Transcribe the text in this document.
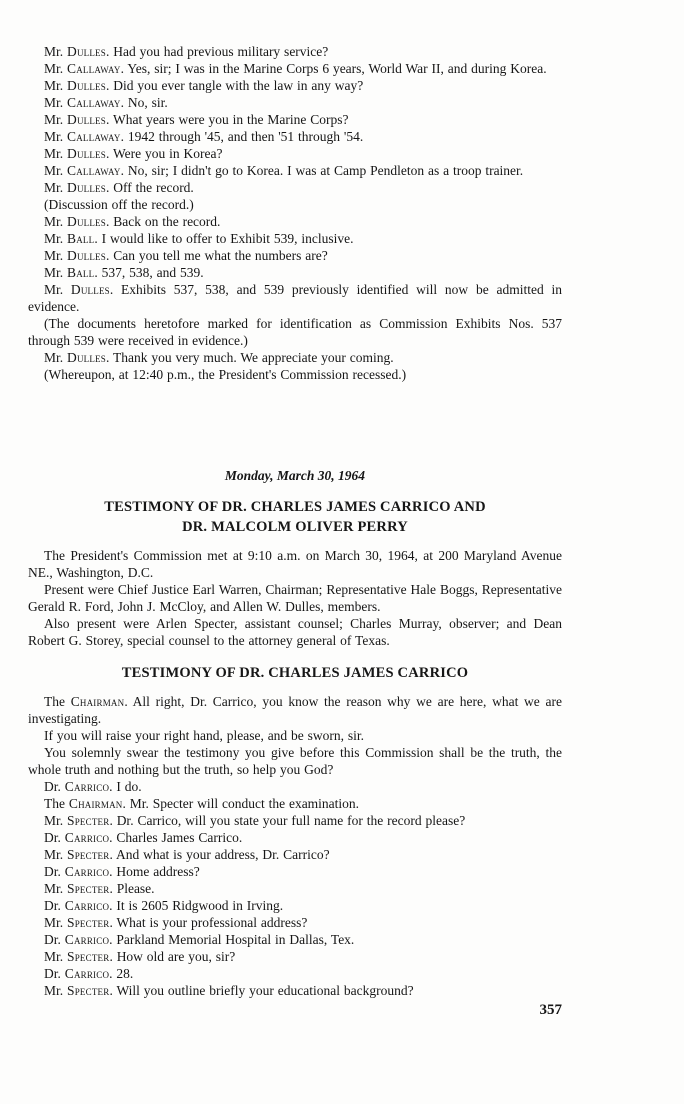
Mr. Dulles. Had you had previous military service?

Mr. Callaway. Yes, sir; I was in the Marine Corps 6 years, World War II, and during Korea.

Mr. Dulles. Did you ever tangle with the law in any way?

Mr. Callaway. No, sir.

Mr. Dulles. What years were you in the Marine Corps?

Mr. Callaway. 1942 through '45, and then '51 through '54.

Mr. Dulles. Were you in Korea?

Mr. Callaway. No, sir; I didn't go to Korea. I was at Camp Pendleton as a troop trainer.

Mr. Dulles. Off the record.

(Discussion off the record.)

Mr. Dulles. Back on the record.

Mr. Ball. I would like to offer to Exhibit 539, inclusive.

Mr. Dulles. Can you tell me what the numbers are?

Mr. Ball. 537, 538, and 539.

Mr. Dulles. Exhibits 537, 538, and 539 previously identified will now be admitted in evidence.

(The documents heretofore marked for identification as Commission Exhibits Nos. 537 through 539 were received in evidence.)

Mr. Dulles. Thank you very much. We appreciate your coming.

(Whereupon, at 12:40 p.m., the President's Commission recessed.)

Monday, March 30, 1964

TESTIMONY OF DR. CHARLES JAMES CARRICO AND
DR. MALCOLM OLIVER PERRY

The President's Commission met at 9:10 a.m. on March 30, 1964, at 200 Maryland Avenue NE., Washington, D.C.

Present were Chief Justice Earl Warren, Chairman; Representative Hale Boggs, Representative Gerald R. Ford, John J. McCloy, and Allen W. Dulles, members.

Also present were Arlen Specter, assistant counsel; Charles Murray, observer; and Dean Robert G. Storey, special counsel to the attorney general of Texas.

TESTIMONY OF DR. CHARLES JAMES CARRICO

The Chairman. All right, Dr. Carrico, you know the reason why we are here, what we are investigating.

If you will raise your right hand, please, and be sworn, sir.

You solemnly swear the testimony you give before this Commission shall be the truth, the whole truth and nothing but the truth, so help you God?

Dr. Carrico. I do.

The Chairman. Mr. Specter will conduct the examination.

Mr. Specter. Dr. Carrico, will you state your full name for the record please?

Dr. Carrico. Charles James Carrico.

Mr. Specter. And what is your address, Dr. Carrico?

Dr. Carrico. Home address?

Mr. Specter. Please.

Dr. Carrico. It is 2605 Ridgwood in Irving.

Mr. Specter. What is your professional address?

Dr. Carrico. Parkland Memorial Hospital in Dallas, Tex.

Mr. Specter. How old are you, sir?

Dr. Carrico. 28.

Mr. Specter. Will you outline briefly your educational background?

357
